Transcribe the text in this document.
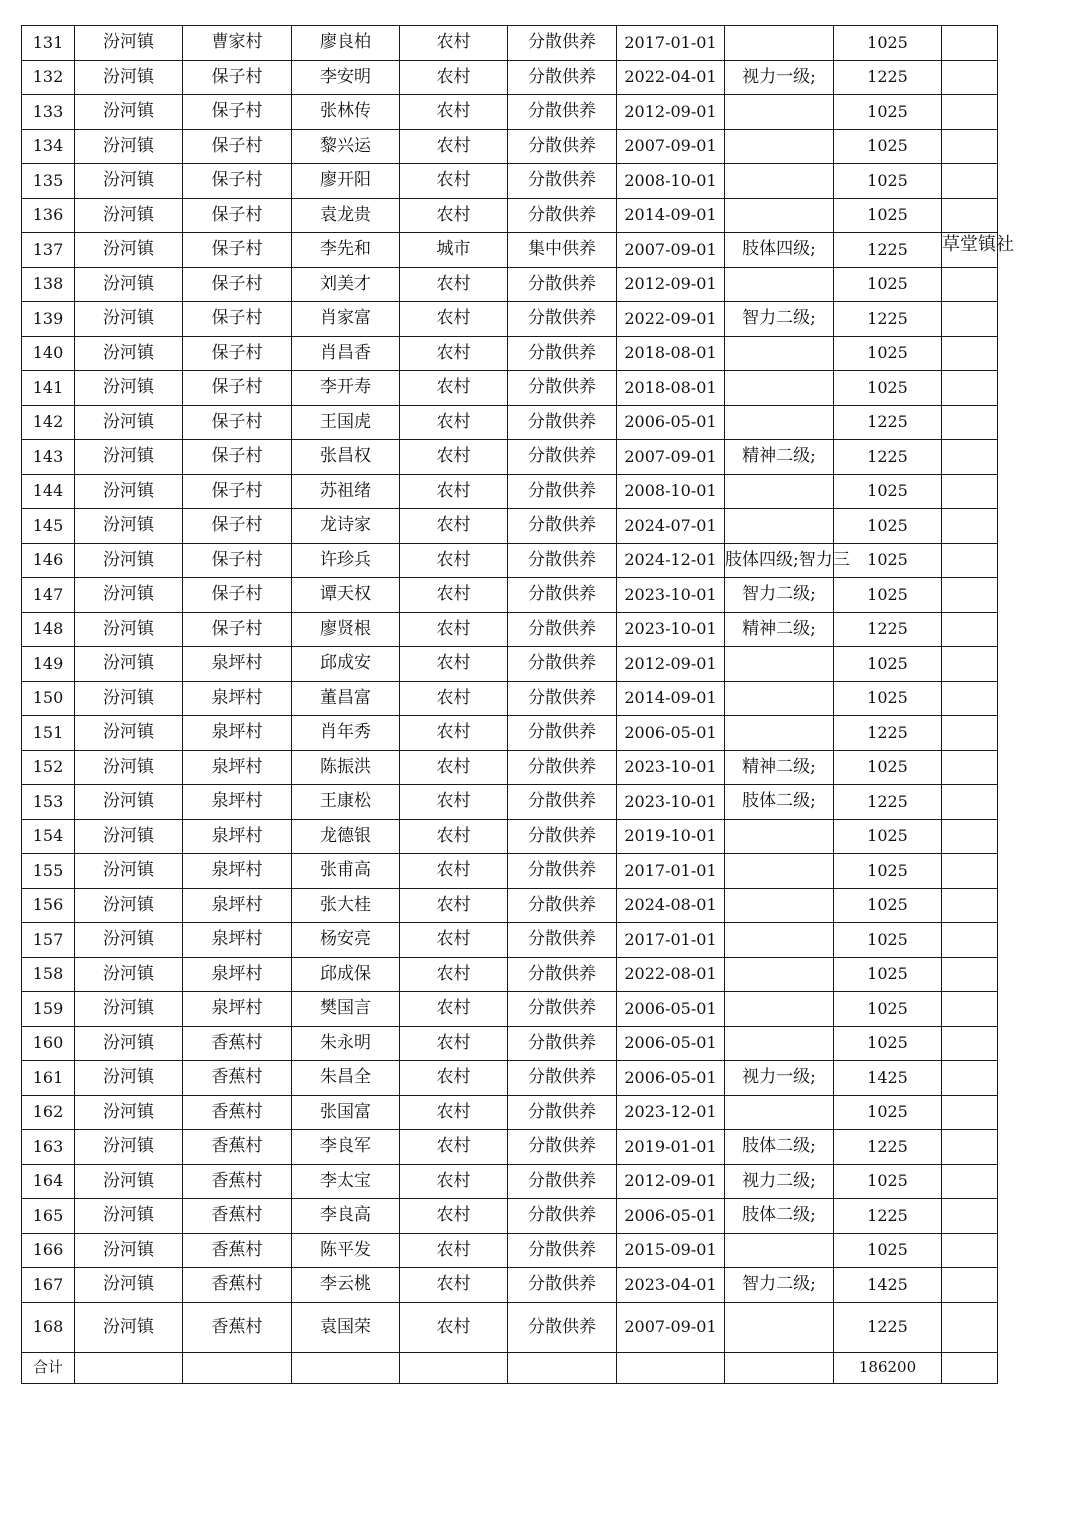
131	汾河镇	曹家村	廖良柏	农村	分散供养	2017-01-01		1025	

132	汾河镇	保子村	李安明	农村	分散供养	2022-04-01	视力一级;	1225	

133	汾河镇	保子村	张林传	农村	分散供养	2012-09-01		1025	

134	汾河镇	保子村	黎兴运	农村	分散供养	2007-09-01		1025	

135	汾河镇	保子村	廖开阳	农村	分散供养	2008-10-01		1025	

136	汾河镇	保子村	袁龙贵	农村	分散供养	2014-09-01		1025	

137	汾河镇	保子村	李先和	城市	集中供养	2007-09-01	肢体四级;	1225	草堂镇社

138	汾河镇	保子村	刘美才	农村	分散供养	2012-09-01		1025	

139	汾河镇	保子村	肖家富	农村	分散供养	2022-09-01	智力二级;	1225	

140	汾河镇	保子村	肖昌香	农村	分散供养	2018-08-01		1025	

141	汾河镇	保子村	李开寿	农村	分散供养	2018-08-01		1025	

142	汾河镇	保子村	王国虎	农村	分散供养	2006-05-01		1225	

143	汾河镇	保子村	张昌权	农村	分散供养	2007-09-01	精神二级;	1225	

144	汾河镇	保子村	苏祖绪	农村	分散供养	2008-10-01		1025	

145	汾河镇	保子村	龙诗家	农村	分散供养	2024-07-01		1025	

146	汾河镇	保子村	许珍兵	农村	分散供养	2024-12-01	肢体四级;智力三	1025	

147	汾河镇	保子村	谭天权	农村	分散供养	2023-10-01	智力二级;	1025	

148	汾河镇	保子村	廖贤根	农村	分散供养	2023-10-01	精神二级;	1225	

149	汾河镇	泉坪村	邱成安	农村	分散供养	2012-09-01		1025	

150	汾河镇	泉坪村	董昌富	农村	分散供养	2014-09-01		1025	

151	汾河镇	泉坪村	肖年秀	农村	分散供养	2006-05-01		1225	

152	汾河镇	泉坪村	陈振洪	农村	分散供养	2023-10-01	精神二级;	1025	

153	汾河镇	泉坪村	王康松	农村	分散供养	2023-10-01	肢体二级;	1225	

154	汾河镇	泉坪村	龙德银	农村	分散供养	2019-10-01		1025	

155	汾河镇	泉坪村	张甫高	农村	分散供养	2017-01-01		1025	

156	汾河镇	泉坪村	张大桂	农村	分散供养	2024-08-01		1025	

157	汾河镇	泉坪村	杨安亮	农村	分散供养	2017-01-01		1025	

158	汾河镇	泉坪村	邱成保	农村	分散供养	2022-08-01		1025	

159	汾河镇	泉坪村	樊国言	农村	分散供养	2006-05-01		1025	

160	汾河镇	香蕉村	朱永明	农村	分散供养	2006-05-01		1025	

161	汾河镇	香蕉村	朱昌全	农村	分散供养	2006-05-01	视力一级;	1425	

162	汾河镇	香蕉村	张国富	农村	分散供养	2023-12-01		1025	

163	汾河镇	香蕉村	李良军	农村	分散供养	2019-01-01	肢体二级;	1225	

164	汾河镇	香蕉村	李太宝	农村	分散供养	2012-09-01	视力二级;	1025	

165	汾河镇	香蕉村	李良高	农村	分散供养	2006-05-01	肢体二级;	1225	

166	汾河镇	香蕉村	陈平发	农村	分散供养	2015-09-01		1025	

167	汾河镇	香蕉村	李云桃	农村	分散供养	2023-04-01	智力二级;	1425	

168	汾河镇	香蕉村	袁国荣	农村	分散供养	2007-09-01		1225	

合计								186200	
